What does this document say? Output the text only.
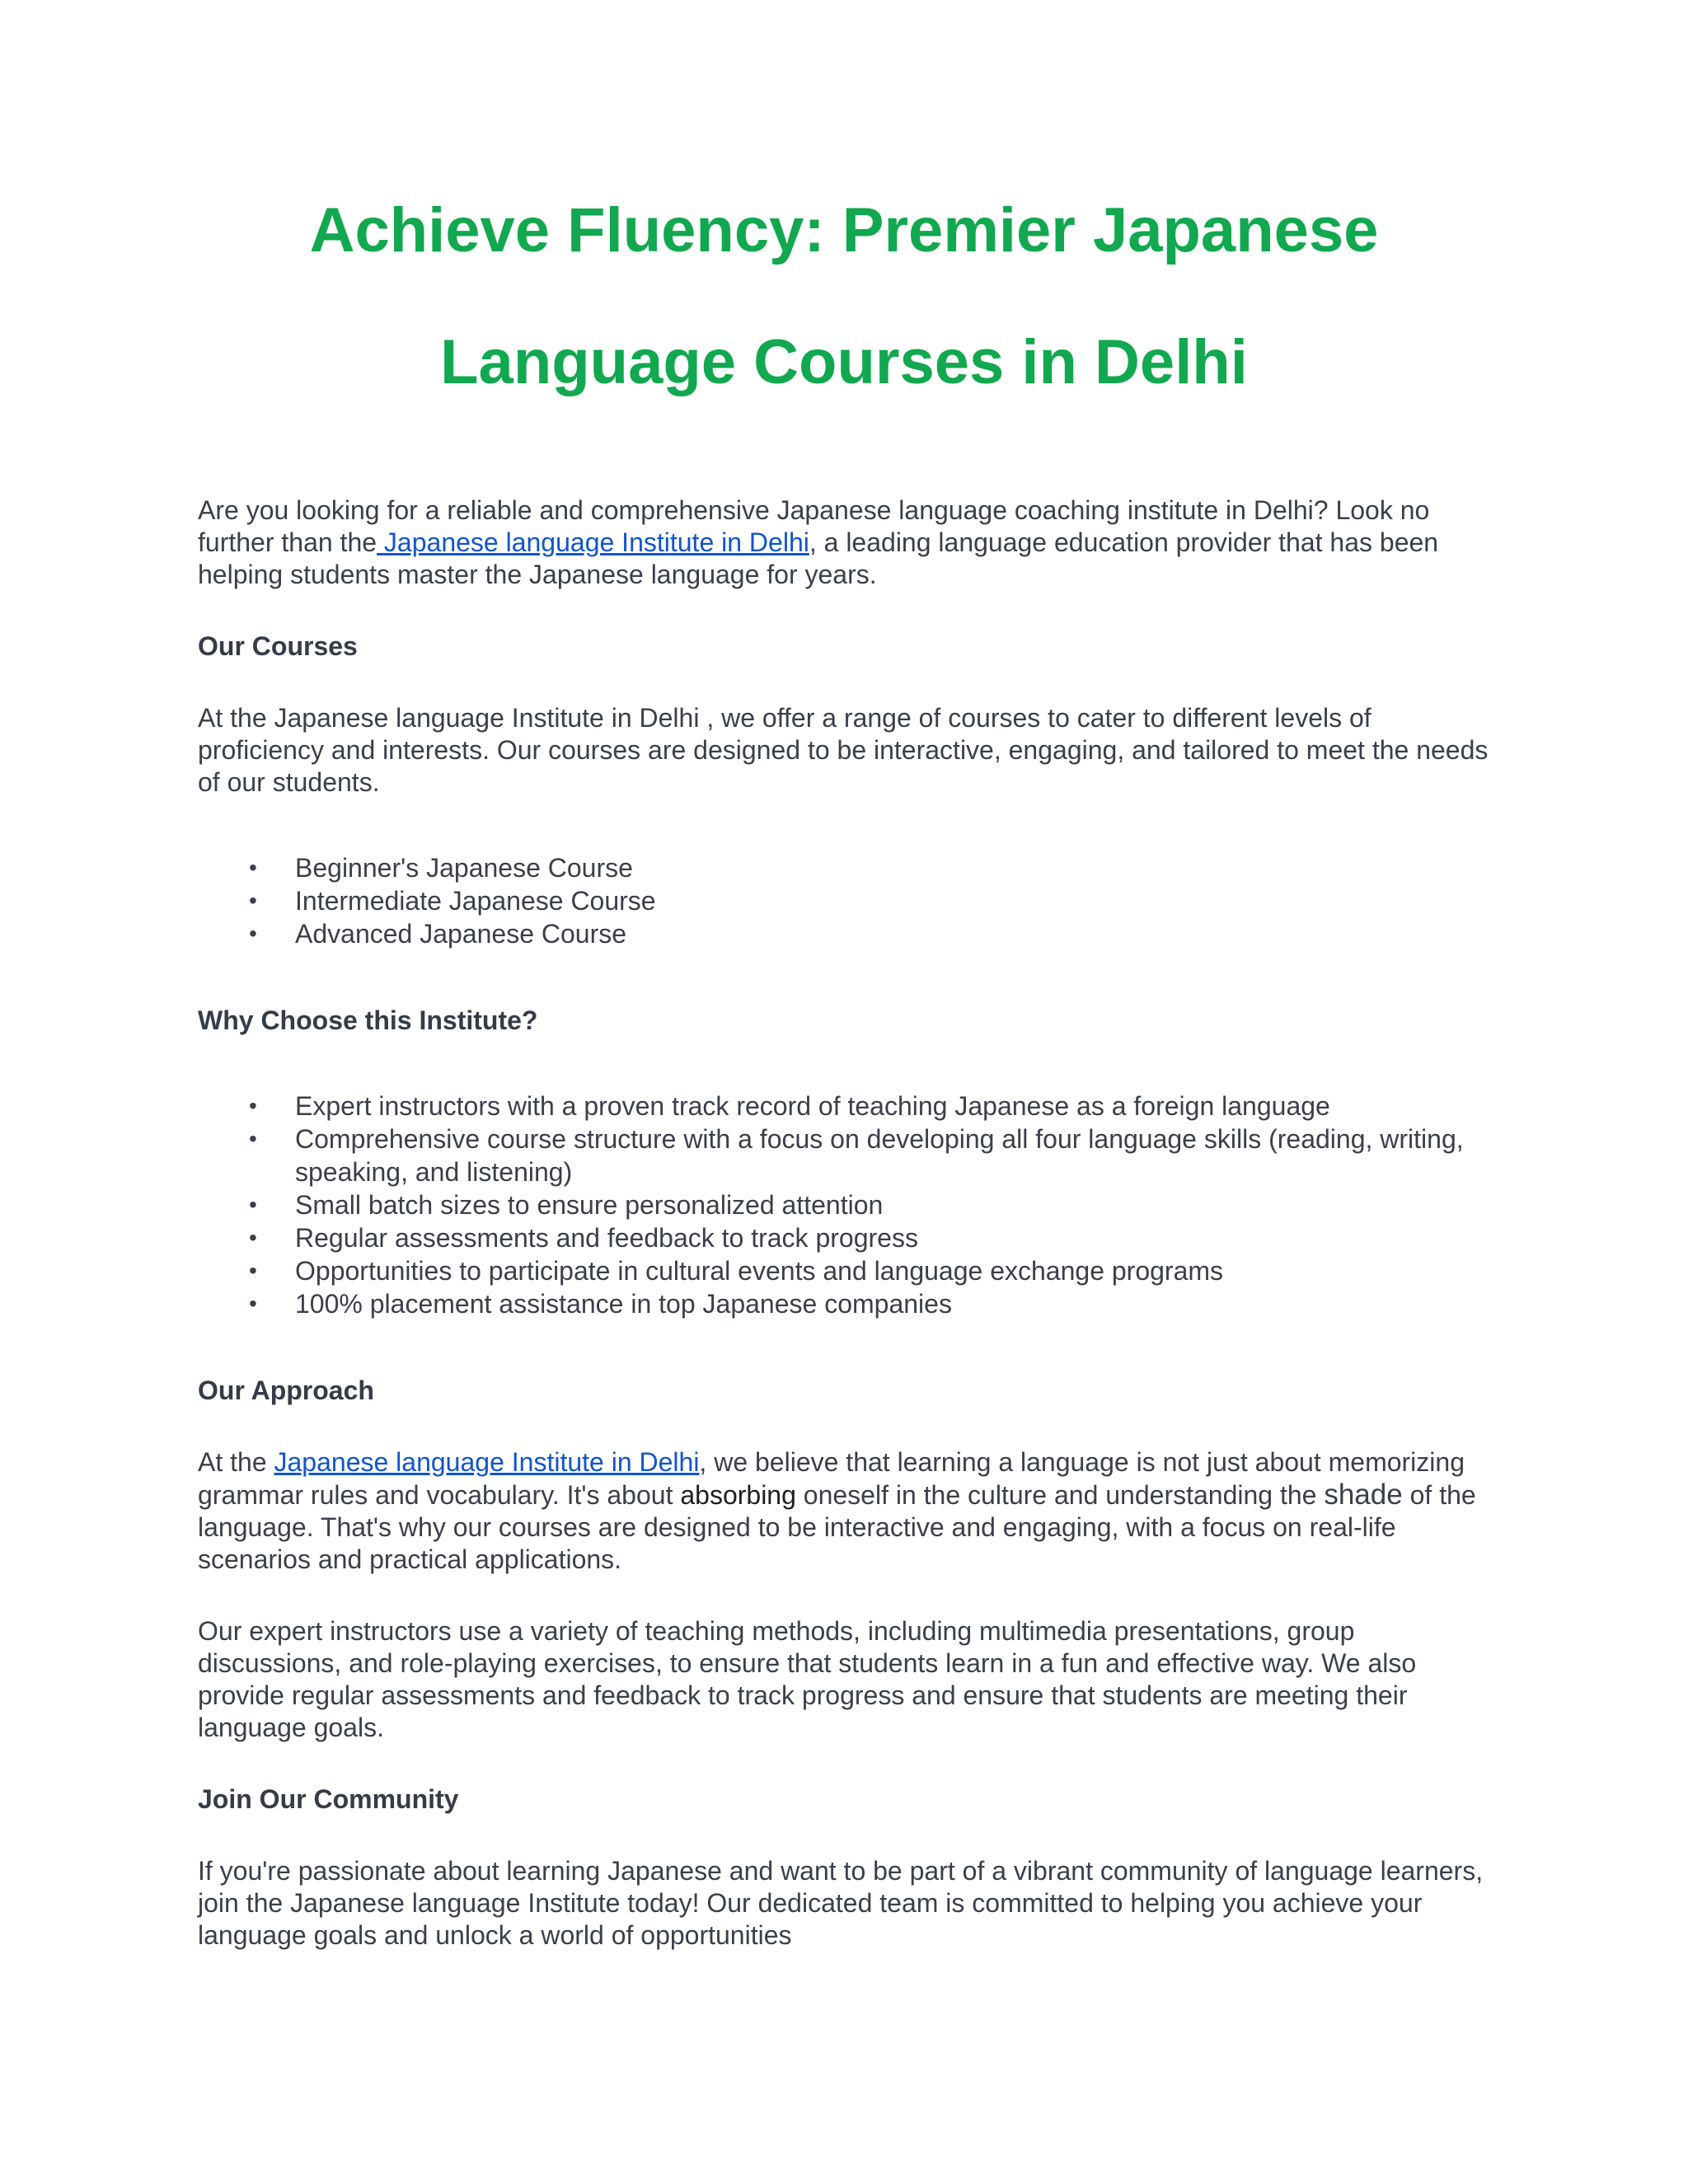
Achieve Fluency: Premier Japanese
Language Courses in Delhi

Are you looking for a reliable and comprehensive Japanese language coaching institute in Delhi? Look no further than the Japanese language Institute in Delhi, a leading language education provider that has been helping students master the Japanese language for years.

Our Courses

At the Japanese language Institute in Delhi , we offer a range of courses to cater to different levels of proficiency and interests. Our courses are designed to be interactive, engaging, and tailored to meet the needs of our students.

• Beginner's Japanese Course
• Intermediate Japanese Course
• Advanced Japanese Course

Why Choose this Institute?

• Expert instructors with a proven track record of teaching Japanese as a foreign language
• Comprehensive course structure with a focus on developing all four language skills (reading, writing, speaking, and listening)
• Small batch sizes to ensure personalized attention
• Regular assessments and feedback to track progress
• Opportunities to participate in cultural events and language exchange programs
• 100% placement assistance in top Japanese companies

Our Approach

At the Japanese language Institute in Delhi, we believe that learning a language is not just about memorizing grammar rules and vocabulary. It's about absorbing oneself in the culture and understanding the shade of the language. That's why our courses are designed to be interactive and engaging, with a focus on real-life scenarios and practical applications.

Our expert instructors use a variety of teaching methods, including multimedia presentations, group discussions, and role-playing exercises, to ensure that students learn in a fun and effective way. We also provide regular assessments and feedback to track progress and ensure that students are meeting their language goals.

Join Our Community

If you're passionate about learning Japanese and want to be part of a vibrant community of language learners, join the Japanese language Institute today! Our dedicated team is committed to helping you achieve your language goals and unlock a world of opportunities
